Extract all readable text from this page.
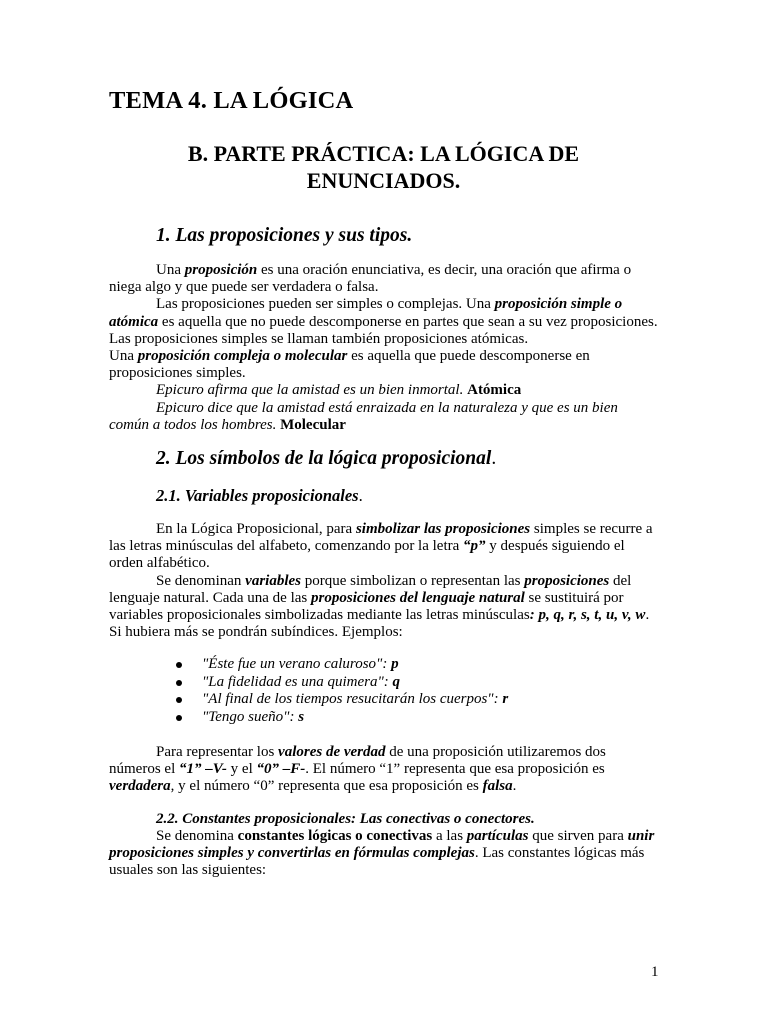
TEMA 4. LA LÓGICA
B. PARTE PRÁCTICA: LA LÓGICA DE
ENUNCIADOS.
1. Las proposiciones y sus tipos.

Una proposición es una oración enunciativa, es decir, una oración que afirma o niega algo y que puede ser verdadera o falsa.

Las proposiciones pueden ser simples o complejas. Una proposición simple o atómica es aquella que no puede descomponerse en partes que sean a su vez proposiciones. Las proposiciones simples se llaman también proposiciones atómicas.

Una proposición compleja o molecular es aquella que puede descomponerse en proposiciones simples.

Epicuro afirma que la amistad es un bien inmortal. Atómica

Epicuro dice que la amistad está enraizada en la naturaleza y que es un bien común a todos los hombres. Molecular

2. Los símbolos de la lógica proposicional.
2.1. Variables proposicionales.

En la Lógica Proposicional, para simbolizar las proposiciones simples se recurre a las letras minúsculas del alfabeto, comenzando por la letra “p” y después siguiendo el orden alfabético.

Se denominan variables porque simbolizan o representan las proposiciones del lenguaje natural. Cada una de las proposiciones del lenguaje natural se sustituirá por variables proposicionales simbolizadas mediante las letras minúsculas: p, q, r, s, t, u, v, w. Si hubiera más se pondrán subíndices. Ejemplos:

"Éste fue un verano caluroso": p
"La fidelidad es una quimera": q
"Al final de los tiempos resucitarán los cuerpos": r
"Tengo sueño": s

Para representar los valores de verdad de una proposición utilizaremos dos números el “1” –V- y el “0” –F-. El número “1” representa que esa proposición es verdadera, y el número “0” representa que esa proposición es falsa.

2.2. Constantes proposicionales: Las conectivas o conectores.

Se denomina constantes lógicas o conectivas a las partículas que sirven para unir proposiciones simples y convertirlas en fórmulas complejas. Las constantes lógicas más usuales son las siguientes:

1
